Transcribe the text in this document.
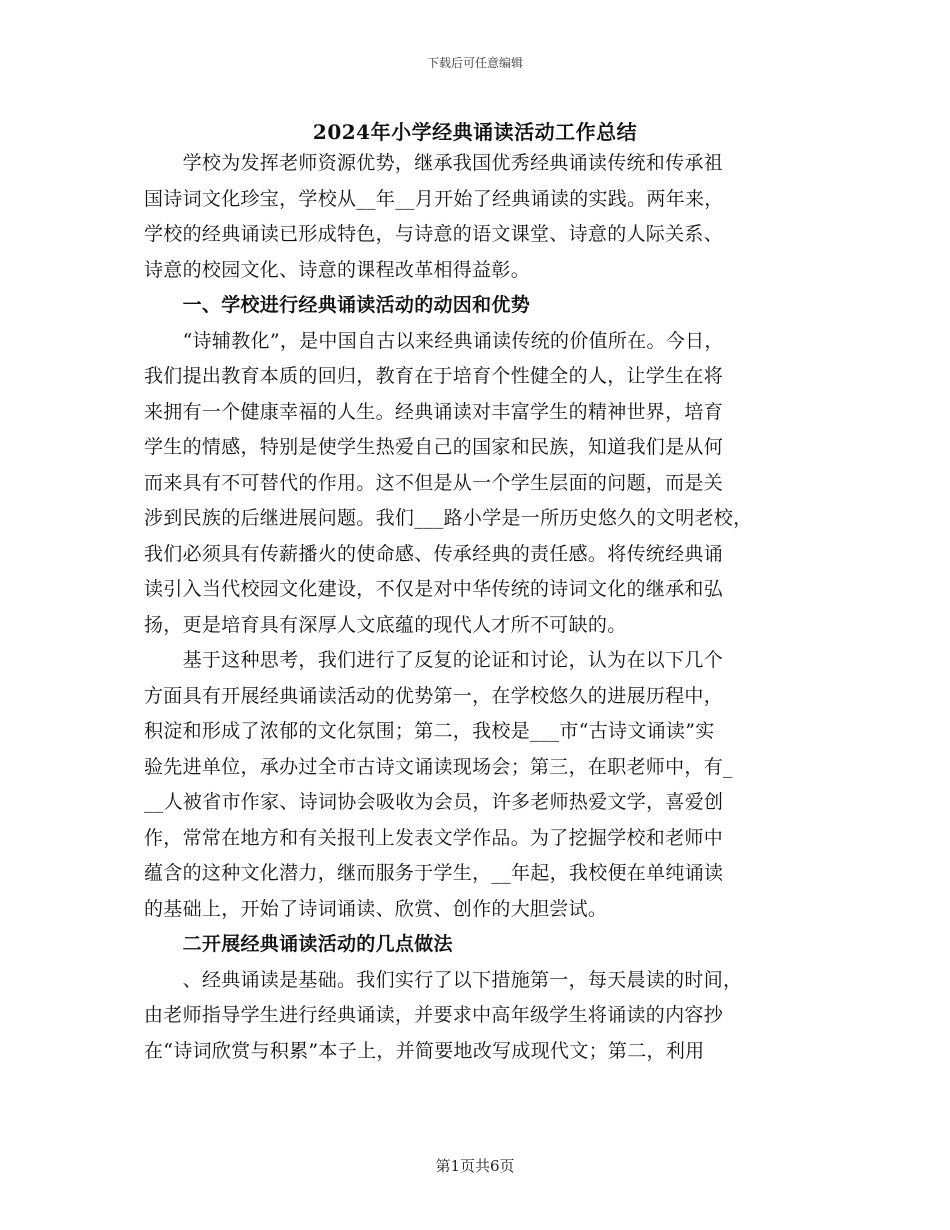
下载后可任意编辑
2024年小学经典诵读活动工作总结
　　学校为发挥老师资源优势，继承我国优秀经典诵读传统和传承祖
国诗词文化珍宝，学校从__年__月开始了经典诵读的实践。两年来，
学校的经典诵读已形成特色，与诗意的语文课堂、诗意的人际关系、
诗意的校园文化、诗意的课程改革相得益彰。
　　一、学校进行经典诵读活动的动因和优势
　　“诗辅教化”，是中国自古以来经典诵读传统的价值所在。今日，
我们提出教育本质的回归，教育在于培育个性健全的人，让学生在将
来拥有一个健康幸福的人生。经典诵读对丰富学生的精神世界，培育
学生的情感，特别是使学生热爱自己的国家和民族，知道我们是从何
而来具有不可替代的作用。这不但是从一个学生层面的问题，而是关
涉到民族的后继进展问题。我们___路小学是一所历史悠久的文明老校，
我们必须具有传薪播火的使命感、传承经典的责任感。将传统经典诵
读引入当代校园文化建设，不仅是对中华传统的诗词文化的继承和弘
扬，更是培育具有深厚人文底蕴的现代人才所不可缺的。
　　基于这种思考，我们进行了反复的论证和讨论，认为在以下几个
方面具有开展经典诵读活动的优势第一，在学校悠久的进展历程中，
积淀和形成了浓郁的文化氛围；第二，我校是___市“古诗文诵读”实
验先进单位，承办过全市古诗文诵读现场会；第三，在职老师中，有_
__人被省市作家、诗词协会吸收为会员，许多老师热爱文学，喜爱创
作，常常在地方和有关报刊上发表文学作品。为了挖掘学校和老师中
蕴含的这种文化潜力，继而服务于学生，__年起，我校便在单纯诵读
的基础上，开始了诗词诵读、欣赏、创作的大胆尝试。
　　二开展经典诵读活动的几点做法
　　、经典诵读是基础。我们实行了以下措施第一，每天晨读的时间，
由老师指导学生进行经典诵读，并要求中高年级学生将诵读的内容抄
在“诗词欣赏与积累”本子上，并简要地改写成现代文；第二，利用
第1页共6页
